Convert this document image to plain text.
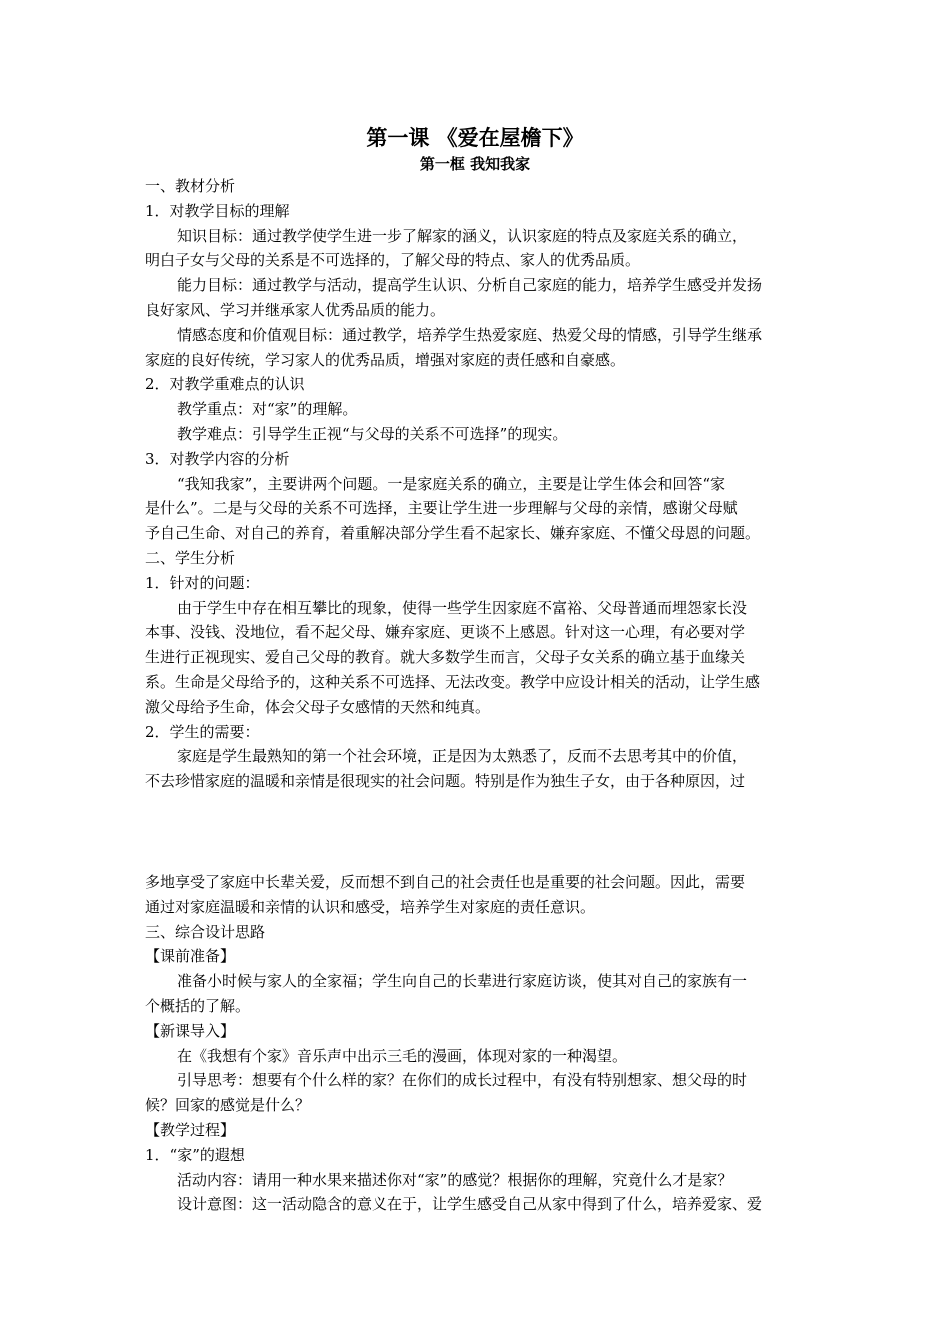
第一课 《爱在屋檐下》
第一框 我知我家
一、教材分析
1．对教学目标的理解
知识目标：通过教学使学生进一步了解家的涵义，认识家庭的特点及家庭关系的确立，
明白子女与父母的关系是不可选择的，了解父母的特点、家人的优秀品质。
能力目标：通过教学与活动，提高学生认识、分析自己家庭的能力，培养学生感受并发扬
良好家风、学习并继承家人优秀品质的能力。
情感态度和价值观目标：通过教学，培养学生热爱家庭、热爱父母的情感，引导学生继承
家庭的良好传统，学习家人的优秀品质，增强对家庭的责任感和自豪感。
2．对教学重难点的认识
教学重点：对“家”的理解。
教学难点：引导学生正视“与父母的关系不可选择”的现实。
3．对教学内容的分析
“我知我家”，主要讲两个问题。一是家庭关系的确立，主要是让学生体会和回答“家
是什么”。二是与父母的关系不可选择，主要让学生进一步理解与父母的亲情，感谢父母赋
予自己生命、对自己的养育，着重解决部分学生看不起家长、嫌弃家庭、不懂父母恩的问题。
二、学生分析
1．针对的问题：
由于学生中存在相互攀比的现象，使得一些学生因家庭不富裕、父母普通而埋怨家长没
本事、没钱、没地位，看不起父母、嫌弃家庭、更谈不上感恩。针对这一心理，有必要对学
生进行正视现实、爱自己父母的教育。就大多数学生而言，父母子女关系的确立基于血缘关
系。生命是父母给予的，这种关系不可选择、无法改变。教学中应设计相关的活动，让学生感
激父母给予生命，体会父母子女感情的天然和纯真。
2．学生的需要：
家庭是学生最熟知的第一个社会环境，正是因为太熟悉了，反而不去思考其中的价值，
不去珍惜家庭的温暖和亲情是很现实的社会问题。特别是作为独生子女，由于各种原因，过
多地享受了家庭中长辈关爱，反而想不到自己的社会责任也是重要的社会问题。因此，需要
通过对家庭温暖和亲情的认识和感受，培养学生对家庭的责任意识。
三、综合设计思路
【课前准备】
准备小时候与家人的全家福；学生向自己的长辈进行家庭访谈，使其对自己的家族有一
个概括的了解。
【新课导入】
在《我想有个家》音乐声中出示三毛的漫画，体现对家的一种渴望。
引导思考：想要有个什么样的家？在你们的成长过程中，有没有特别想家、想父母的时
候？回家的感觉是什么？
【教学过程】
1．“家”的遐想
活动内容：请用一种水果来描述你对“家”的感觉？根据你的理解，究竟什么才是家？
设计意图：这一活动隐含的意义在于，让学生感受自己从家中得到了什么，培养爱家、爱
